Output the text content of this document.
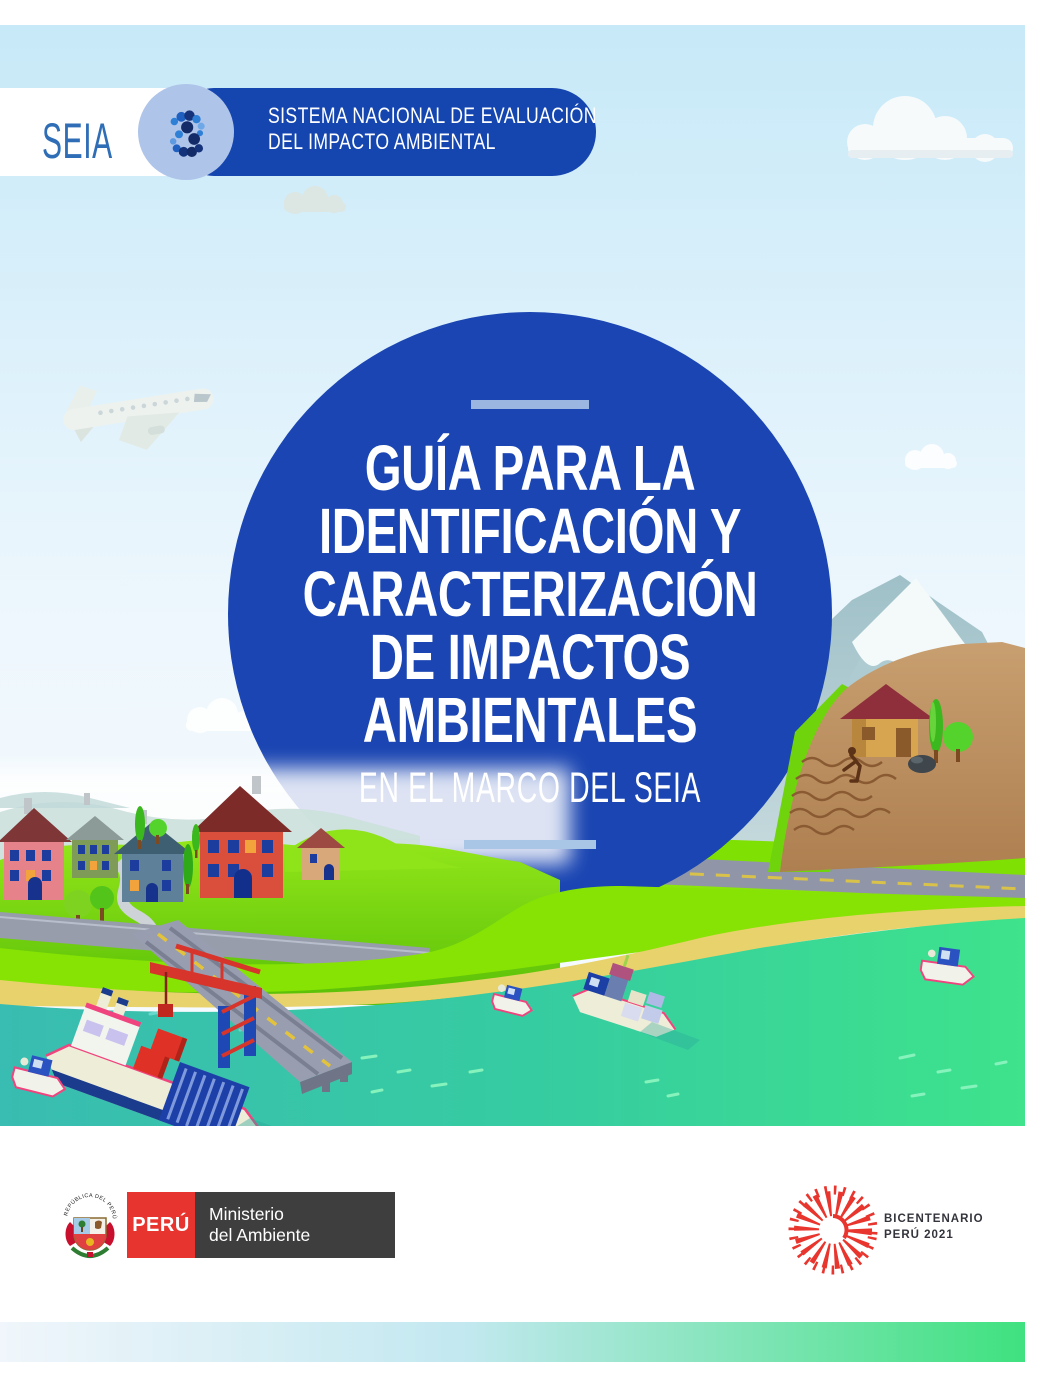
SEIA	SISTEMA NACIONAL DE EVALUACIÓN
DEL IMPACTO AMBIENTAL
GUÍA PARA LA
IDENTIFICACIÓN Y
CARACTERIZACIÓN
DE IMPACTOS
AMBIENTALES
EN EL MARCO DEL SEIA
REPÚBLICA DEL PERÚ PERÚ Ministerio
del Ambiente
BICENTENARIO
PERÚ 2021
